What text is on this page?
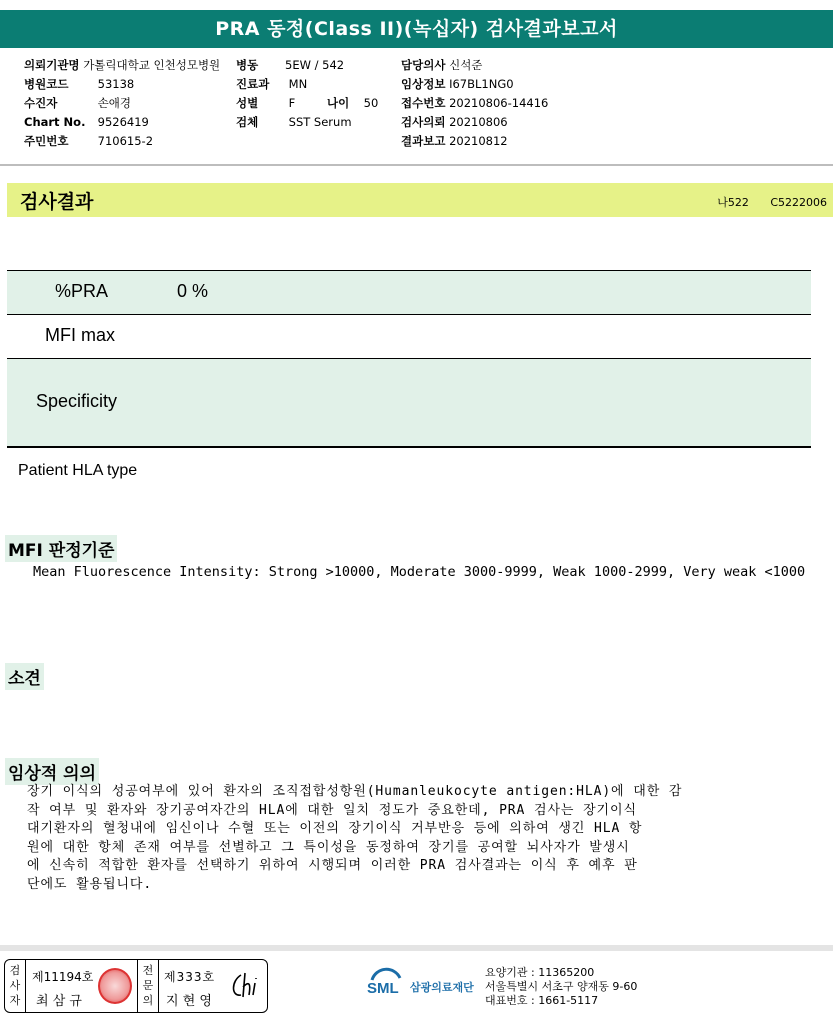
PRA 동정(Class II)(녹십자) 검사결과보고서
의뢰기관명 가톨릭대학교 인천성모병원 병동 5EW / 542	담당의사 신석준
병원코드	53138	진료과 MN	임상정보 I67BL1NG0
수진자	손애경	성별	F	나이 50 접수번호 20210806-14416
Chart No. 9526419	검체	SST Serum	검사의뢰 20210806
주민번호	710615-2	결과보고 20210812
검사결과	나522 C5222006
%PRA	0 %
MFI max
Specificity
Patient HLA type
MFI 판정기준
Mean Fluorescence Intensity: Strong >10000, Moderate 3000-9999, Weak 1000-2999, Very weak <1000
소견
임상적 의의
장기 이식의 성공여부에 있어 환자의 조직접합성항원(Humanleukocyte antigen:HLA)에 대한 감
작 여부 및 환자와 장기공여자간의 HLA에 대한 일치 정도가 중요한데, PRA 검사는 장기이식
대기환자의 혈청내에 임신이나 수혈 또는 이전의 장기이식 거부반응 등에 의하여 생긴 HLA 항
원에 대한 항체 존재 여부를 선별하고 그 특이성을 동정하여 장기를 공여할 뇌사자가 발생시
에 신속히 적합한 환자를 선택하기 위하여 시행되며 이러한 PRA 검사결과는 이식 후 예후 판
단에도 활용됩니다.
검사자
제11194호
최 삼 규
전문의
제333호
지 현 영
SML 삼광의료재단
요양기관 : 11365200
서울특별시 서초구 양재동 9-60
대표번호 : 1661-5117
